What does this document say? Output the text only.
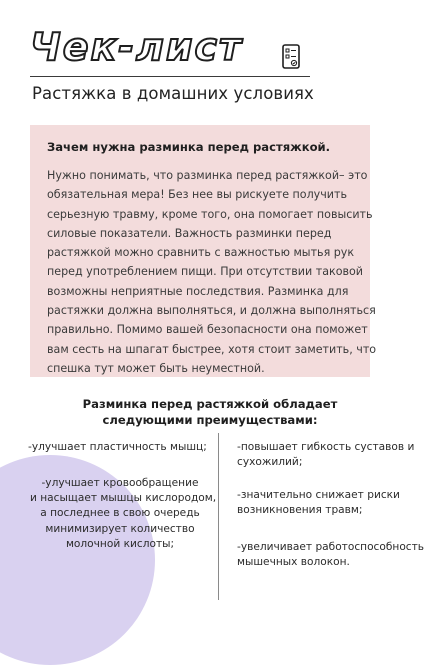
Чек-лист
Растяжка в домашних условиях
Зачем нужна разминка перед растяжкой.
Нужно понимать, что разминка перед растяжкой– это
обязательная мера! Без нее вы рискуете получить
серьезную травму, кроме того, она помогает повысить
силовые показатели. Важность разминки перед
растяжкой можно сравнить с важностью мытья рук
перед употреблением пищи. При отсутствии таковой
возможны неприятные последствия. Разминка для
растяжки должна выполняться, и должна выполняться
правильно. Помимо вашей безопасности она поможет
вам сесть на шпагат быстрее, хотя стоит заметить, что
спешка тут может быть неуместной.
Разминка перед растяжкой обладает
следующими преимуществами:
-улучшает пластичность мышц;
-улучшает кровообращение
и насыщает мышцы кислородом,
а последнее в свою очередь
минимизирует количество
молочной кислоты;
-повышает гибкость суставов и
сухожилий;
-значительно снижает риски
возникновения травм;
-увеличивает работоспособность
мышечных волокон.
